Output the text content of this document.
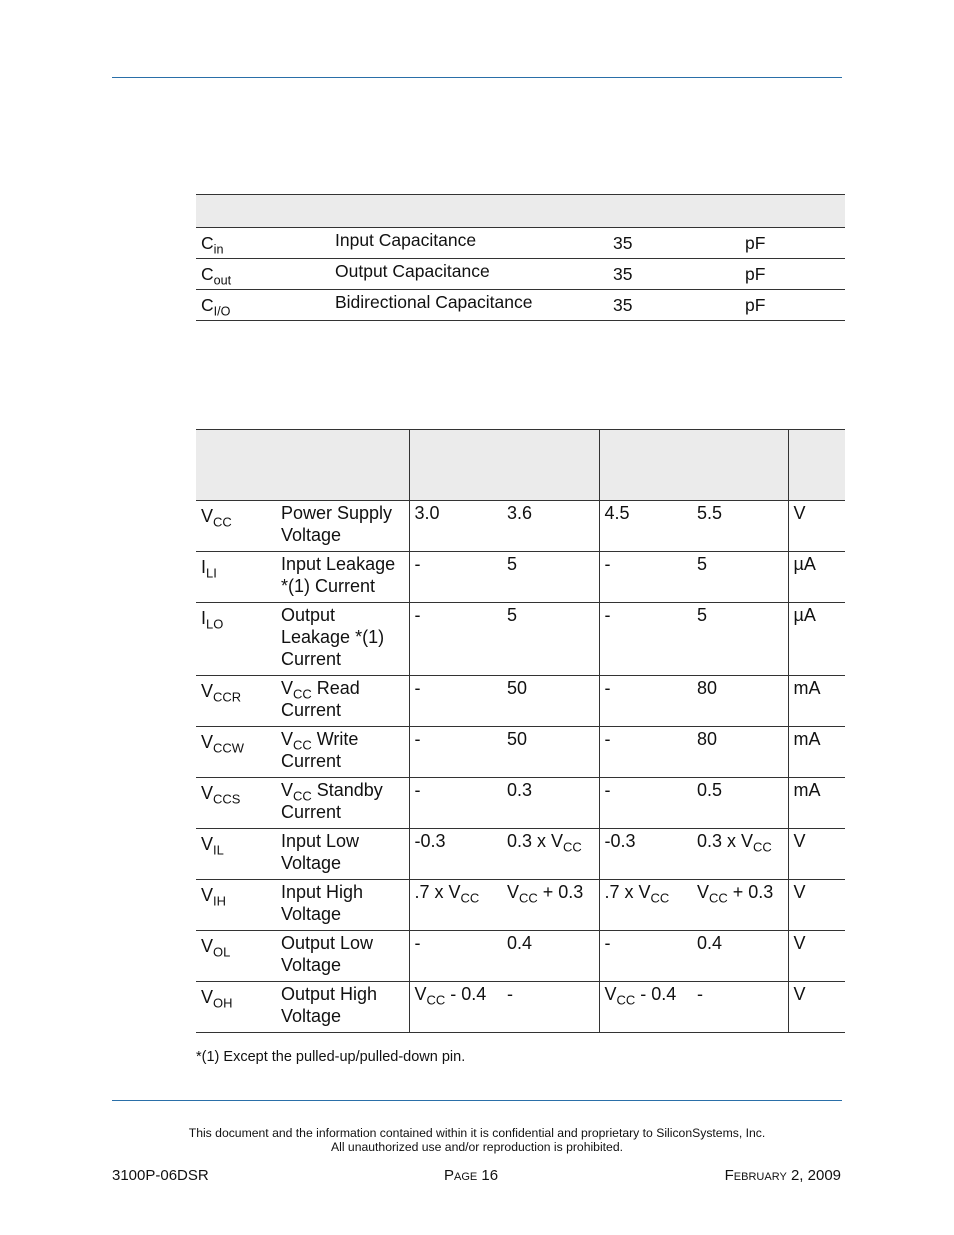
$C_{in}$	Input Capacitance	35	pF
$C_{out}$	Output Capacitance	35	pF
$C_{I/O}$	Bidirectional Capacitance	35	pF

$V_{CC}$	Power Supply Voltage	3.0	3.6	4.5	5.5	V
$I_{LI}$	Input Leakage *(1) Current	-	5	-	5	µA
$I_{LO}$	Output Leakage *(1) Current	-	5	-	5	µA
$V_{CCR}$	$V_{CC}$ Read Current	-	50	-	80	mA
$V_{CCW}$	$V_{CC}$ Write Current	-	50	-	80	mA
$V_{CCS}$	$V_{CC}$ Standby Current	-	0.3	-	0.5	mA
$V_{IL}$	Input Low Voltage	-0.3	0.3 x $V_{CC}$	-0.3	0.3 x $V_{CC}$	V
$V_{IH}$	Input High Voltage	.7 x $V_{CC}$	$V_{CC} + 0.3$	.7 x $V_{CC}$	$V_{CC} + 0.3$	V
$V_{OL}$	Output Low Voltage	-	0.4	-	0.4	V
$V_{OH}$	Output High Voltage	$V_{CC} - 0.4$	-	$V_{CC} - 0.4$	-	V
*(1) Except the pulled-up/pulled-down pin.
This document and the information contained within it is confidential and proprietary to SiliconSystems, Inc.
All unauthorized use and/or reproduction is prohibited.
3100P-06DSR	Page 16	February 2, 2009
